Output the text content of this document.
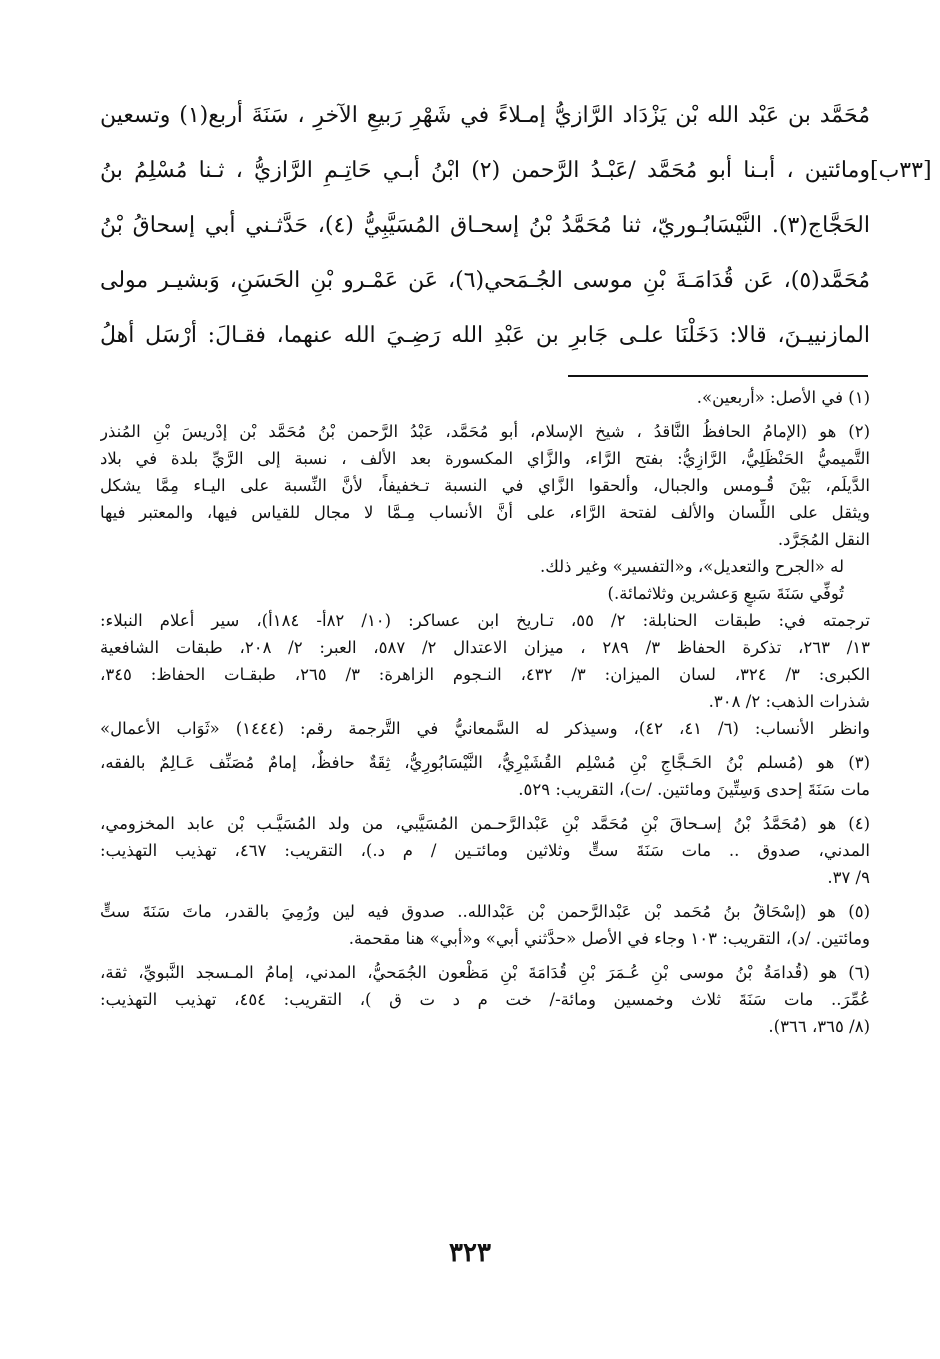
[٣٣ب]
مُحَمَّد بن عَبْد الله بْن يَزْدَاد الرَّازيُّ إمـلاءً في شَهْرِ رَبيعِ الآخرِ ، سَنَةَ أربع(١) وتسعين
ومائتين ، أبـنا أبو مُحَمَّد /عَبْـدُ الرَّحمن (٢) ابْنُ أبـي حَاتِـمِ الرَّازيُّ ، ثـنا مُسْلِمُ بنُ
الحَجَّاج(٣). النَّيْسَابُـوريّ، ثنا مُحَمَّدُ بْنُ إسحـاق المُسَيَّبِيُّ (٤)، حَدَّثـني أبي إسحاقُ بْنُ
مُحَمَّد(٥)، عَن قُدَامَـةَ بْنِ موسى الجُـمَحي(٦)، عَن عَمْـرو بْنِ الحَسَنِ، وَبشيـر مولى
المازنييـنَ، قالا: دَخَلْنَا علـى جَابرِ بن عَبْدِ الله رَضِـيَ الله عنهما، فقـالَ: أرْسَل أهلُ
(١) في الأصل: «أربعين».
(٢) هو (الإمامُ الحافظُ النَّاقدُ ، شيخ الإسلام، أبو مُحَمَّد، عَبْدُ الرَّحمن بْنُ مُحَمَّد بْن إدْريسَ بْنِ المُنذر
التَّميميُّ الحَنْظَلِيُّ، الرَّازِيُّ: بفتح الرَّاء، والزَّاي المكسورة بعد الألف ، نسبة إلى الرَّيِّ بلدة في بلاد
الدَّيلَم، بَيْنَ قُـومس والجبال، وألحقوا الزَّاي في النسبة تـخفيفاً، لأنَّ النِّسبة على اليـاء مِمَّا يشكل
ويثقل على اللِّسان والألف لفتحة الرَّاء، على أنَّ الأنساب مِـمَّا لا مجال للقياس فيها، والمعتبر فيها
النقل المُجَرَّد.
له «الجرح والتعديل»، و«التفسير» وغير ذلك.
تُوفِّي سَنَةَ سَبعٍ وَعشرين وثلاثمائة.)
ترجمته في: طبقات الحنابلة: ٢/ ٥٥، تـاريخ ابن عساكر: (١٠/ ٨٢أ- ١٨٤أ)، سير أعلام النبلاء:
١٣/ ٢٦٣، تذكرة الحفاظ ٣/ ٢٨٩ ، ميزان الاعتدال ٢/ ٥٨٧، العبر: ٢/ ٢٠٨، طبقات الشافعية
الكبرى: ٣/ ٣٢٤، لسان الميزان: ٣/ ٤٣٢، النـجوم الزاهرة: ٣/ ٢٦٥، طبقـات الحفاظ: ٣٤٥،
شذرات الذهب: ٢/ ٣٠٨.
وانظر الأنساب: (٦/ ٤١، ٤٢)، وسيذكر له السَّمعانيُّ في التَّرجمة رقم: (١٤٤٤) «ثَوَاب الأعمال»
(٣) هو (مُسلم بْنُ الحَـجَّاجِ بْنِ مُسْلِم القُشَيْرِيُّ، النَّيْسَابُورِيُّ، ثِقَةٌ حافظٌ، إمامٌ مُصَنِّف عَـالِمٌ بالفقه،
مات سَنَةَ إحدى وَسِتِّينَ ومائتين. /ت)، التقريب: ٥٢٩.
(٤) هو (مُحَمَّدُ بْنُ إسـحاقَ بْنِ مُحَمَّد بْنِ عَبْدالرَّحـمن المُسَيَّبي، من ولد المُسَيَّـب بْن عابد المخزومي،
المدني، صدوق .. مات سَنَةَ ستٍّ وثلاثين ومائتـين / م د.)، التقريب: ٤٦٧، تهذيب التهذيب:
٩/ ٣٧.
(٥) هو (إسْحَاقُ بنُ مُحَمد بْن عَبْدالرَّحمن بْن عَبْدالله.. صدوق فيه لين ورُمِيَ بالقدر، ماتَ سَنَةَ ستٍّ
ومائتين. /د)، التقريب: ١٠٣ وجاء في الأصل «حدَّثني أبي» و«أبي» هنا مقحمة.
(٦) هو (قُدامَةُ بْنُ موسى بْنِ عُـمَرَ بْنِ قُدَامَةَ بْنِ مَظْعون الجُمَحيُّ، المدني، إمامُ المـسجد النَّبويِّ، ثقة،
عُمِّرَ.. مات سَنَةَ ثلاث وخمسين ومائة-/ خت م د ت ق )، التقريب: ٤٥٤، تهذيب التهذيب:
(٨/ ٣٦٥، ٣٦٦).
٣٢٣
